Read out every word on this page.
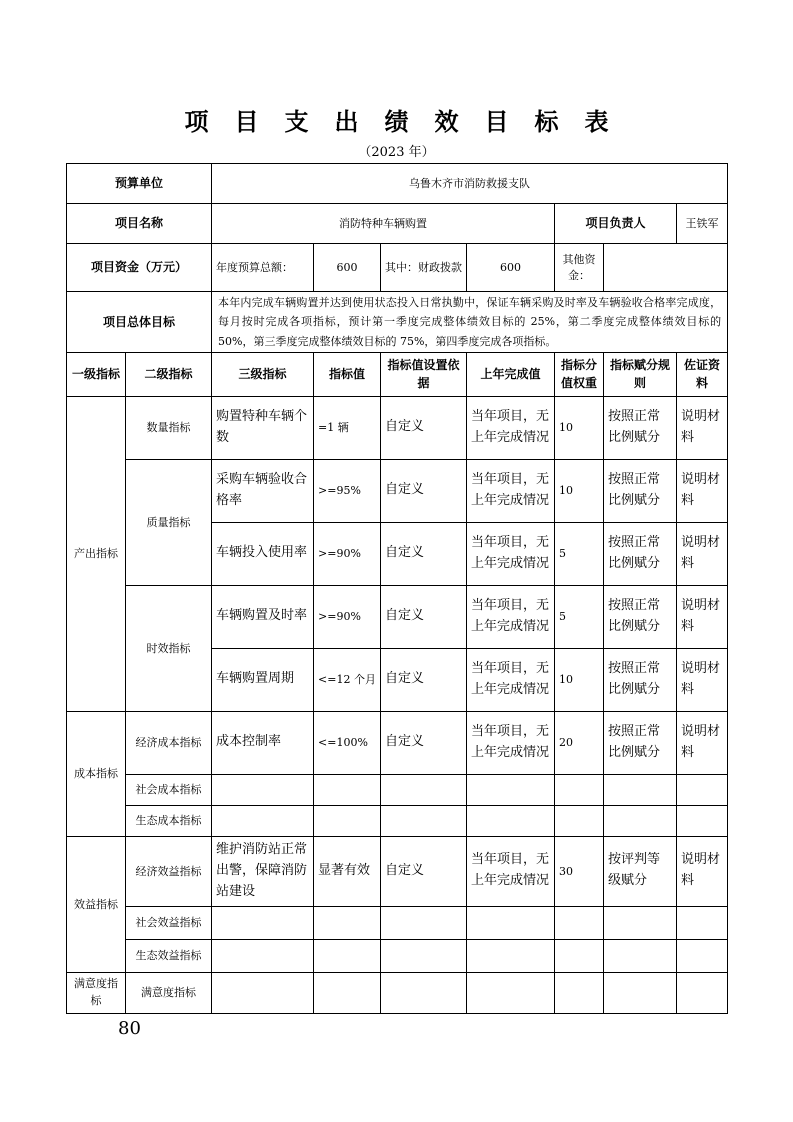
项目支出绩效目标表
（2023 年）
预算单位		乌鲁木齐市消防救援支队						
项目名称		消防特种车辆购置				项目负责人		王铁军
项目资金（万元）		年度预算总额：	600	其中：财政拨款	600	其他资金：		
项目总体目标		本年内完成车辆购置并达到使用状态投入日常执勤中，保证车辆采购及时率及车辆验收合格率完成度，每月按时完成各项指标，预计第一季度完成整体绩效目标的 25%，第二季度完成整体绩效目标的 50%，第三季度完成整体绩效目标的 75%，第四季度完成各项指标。						
一级指标	二级指标	三级指标	指标值	指标值设置依据	上年完成值	指标分值权重	指标赋分规则	佐证资料
产出指标	数量指标	购置特种车辆个数	=1 辆	自定义	当年项目，无上年完成情况	10	按照正常比例赋分	说明材料
	质量指标	采购车辆验收合格率	>=95%	自定义	当年项目，无上年完成情况	10	按照正常比例赋分	说明材料
		车辆投入使用率	>=90%	自定义	当年项目，无上年完成情况	5	按照正常比例赋分	说明材料
	时效指标	车辆购置及时率	>=90%	自定义	当年项目，无上年完成情况	5	按照正常比例赋分	说明材料
		车辆购置周期	<=12 个月	自定义	当年项目，无上年完成情况	10	按照正常比例赋分	说明材料
成本指标	经济成本指标	成本控制率	<=100%	自定义	当年项目，无上年完成情况	20	按照正常比例赋分	说明材料
	社会成本指标							
	生态成本指标							
效益指标	经济效益指标	维护消防站正常出警，保障消防站建设	显著有效	自定义	当年项目，无上年完成情况	30	按评判等级赋分	说明材料
	社会效益指标							
	生态效益指标							
满意度指标	满意度指标							
80
